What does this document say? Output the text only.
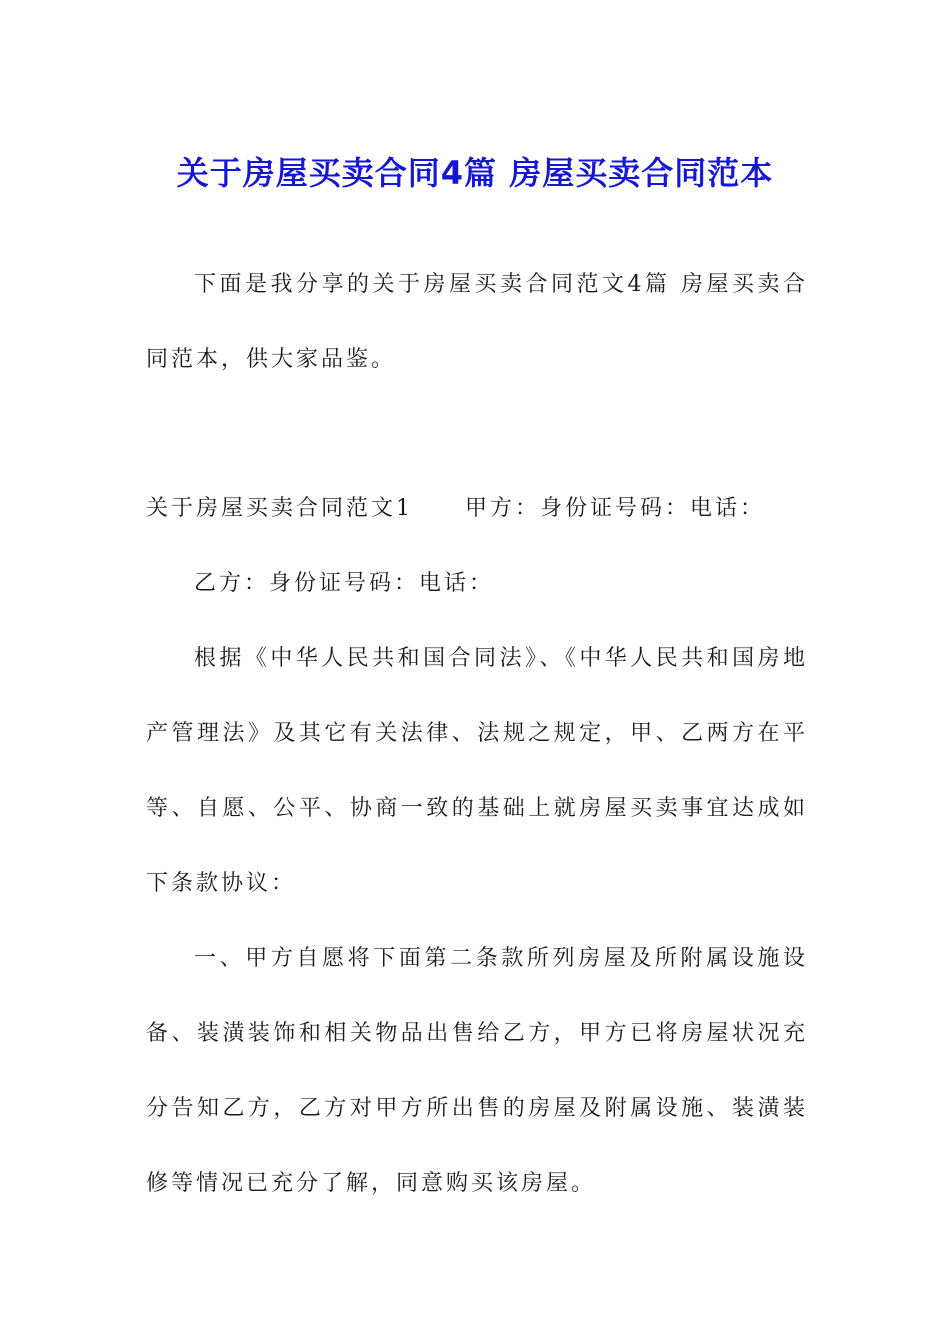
关于房屋买卖合同4篇 房屋买卖合同范本

下面是我分享的关于房屋买卖合同范文4篇 房屋买卖合同范本，供大家品鉴。

关于房屋买卖合同范文1 甲方：身份证号码：电话：

乙方：身份证号码：电话：

根据《中华人民共和国合同法》、《中华人民共和国房地产管理法》及其它有关法律、法规之规定，甲、乙两方在平等、自愿、公平、协商一致的基础上就房屋买卖事宜达成如下条款协议：

一、甲方自愿将下面第二条款所列房屋及所附属设施设备、装潢装饰和相关物品出售给乙方，甲方已将房屋状况充分告知乙方，乙方对甲方所出售的房屋及附属设施、装潢装修等情况已充分了解，同意购买该房屋。
